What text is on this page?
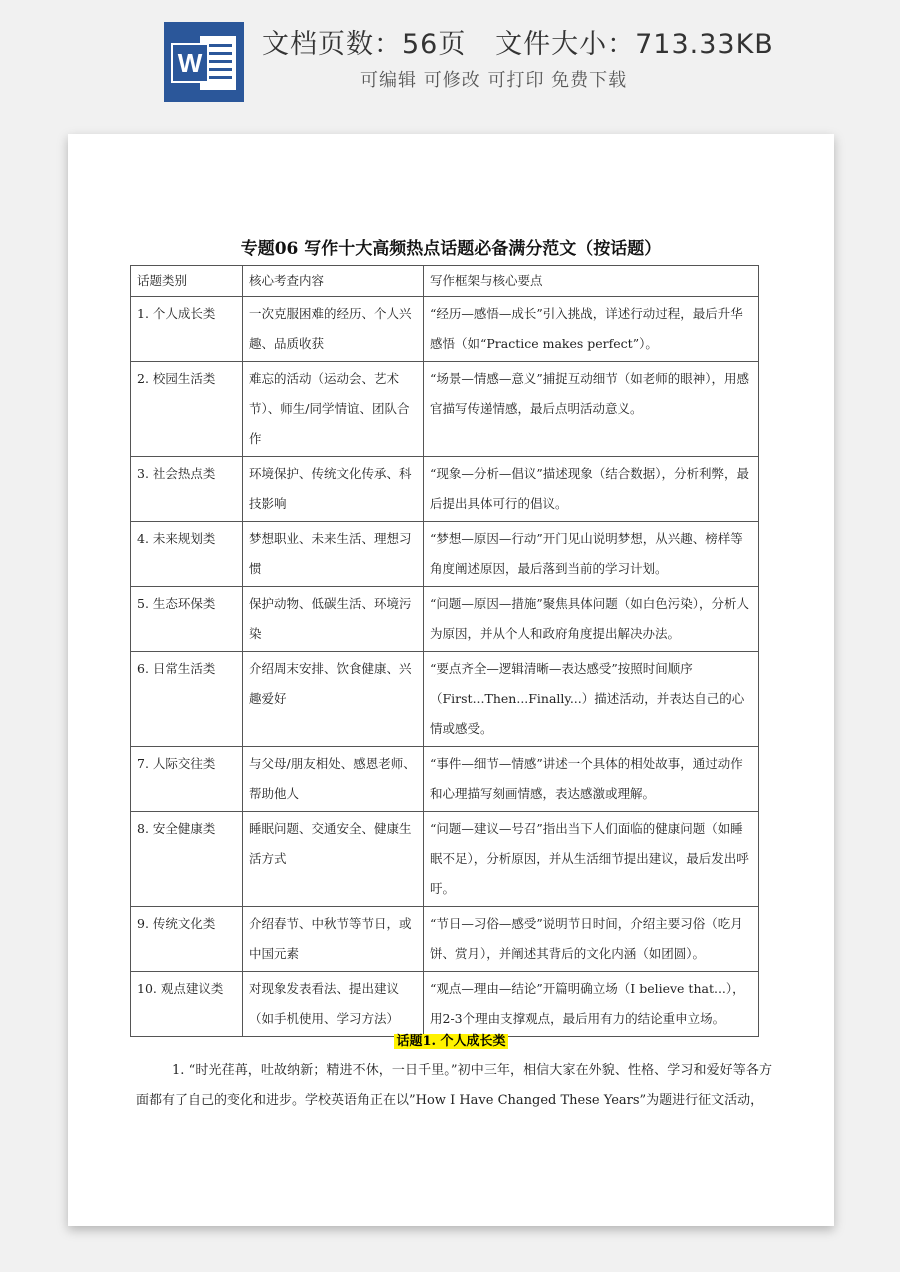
W
文档页数：56页   文件大小：713.33KB
可编辑 可修改 可打印 免费下载
专题06 写作十大高频热点话题必备满分范文（按话题）
话题类别	核心考查内容	写作框架与核心要点
1. 个人成长类	一次克服困难的经历、个人兴趣、品质收获	“经历—感悟—成长”引入挑战，详述行动过程，最后升华感悟（如“Practice makes perfect”）。
2. 校园生活类	难忘的活动（运动会、艺术节）、师生/同学情谊、团队合作	“场景—情感—意义”捕捉互动细节（如老师的眼神），用感官描写传递情感，最后点明活动意义。
3. 社会热点类	环境保护、传统文化传承、科技影响	“现象—分析—倡议”描述现象（结合数据），分析利弊，最后提出具体可行的倡议。
4. 未来规划类	梦想职业、未来生活、理想习惯	“梦想—原因—行动”开门见山说明梦想，从兴趣、榜样等角度阐述原因，最后落到当前的学习计划。
5. 生态环保类	保护动物、低碳生活、环境污染	“问题—原因—措施”聚焦具体问题（如白色污染），分析人为原因，并从个人和政府角度提出解决办法。
6. 日常生活类	介绍周末安排、饮食健康、兴趣爱好	“要点齐全—逻辑清晰—表达感受”按照时间顺序（First...Then...Finally...）描述活动，并表达自己的心情或感受。
7. 人际交往类	与父母/朋友相处、感恩老师、帮助他人	“事件—细节—情感”讲述一个具体的相处故事，通过动作和心理描写刻画情感，表达感激或理解。
8. 安全健康类	睡眠问题、交通安全、健康生活方式	“问题—建议—号召”指出当下人们面临的健康问题（如睡眠不足），分析原因，并从生活细节提出建议，最后发出呼吁。
9. 传统文化类	介绍春节、中秋节等节日，或中国元素	“节日—习俗—感受”说明节日时间，介绍主要习俗（吃月饼、赏月），并阐述其背后的文化内涵（如团圆）。
10. 观点建议类	对现象发表看法、提出建议（如手机使用、学习方法）	“观点—理由—结论”开篇明确立场（I believe that...），用2-3个理由支撑观点，最后用有力的结论重申立场。
话题1. 个人成长类
1. “时光荏苒，吐故纳新；精进不休，一日千里。”初中三年，相信大家在外貌、性格、学习和爱好等各方面都有了自己的变化和进步。学校英语角正在以”How I Have Changed These Years”为题进行征文活动，
